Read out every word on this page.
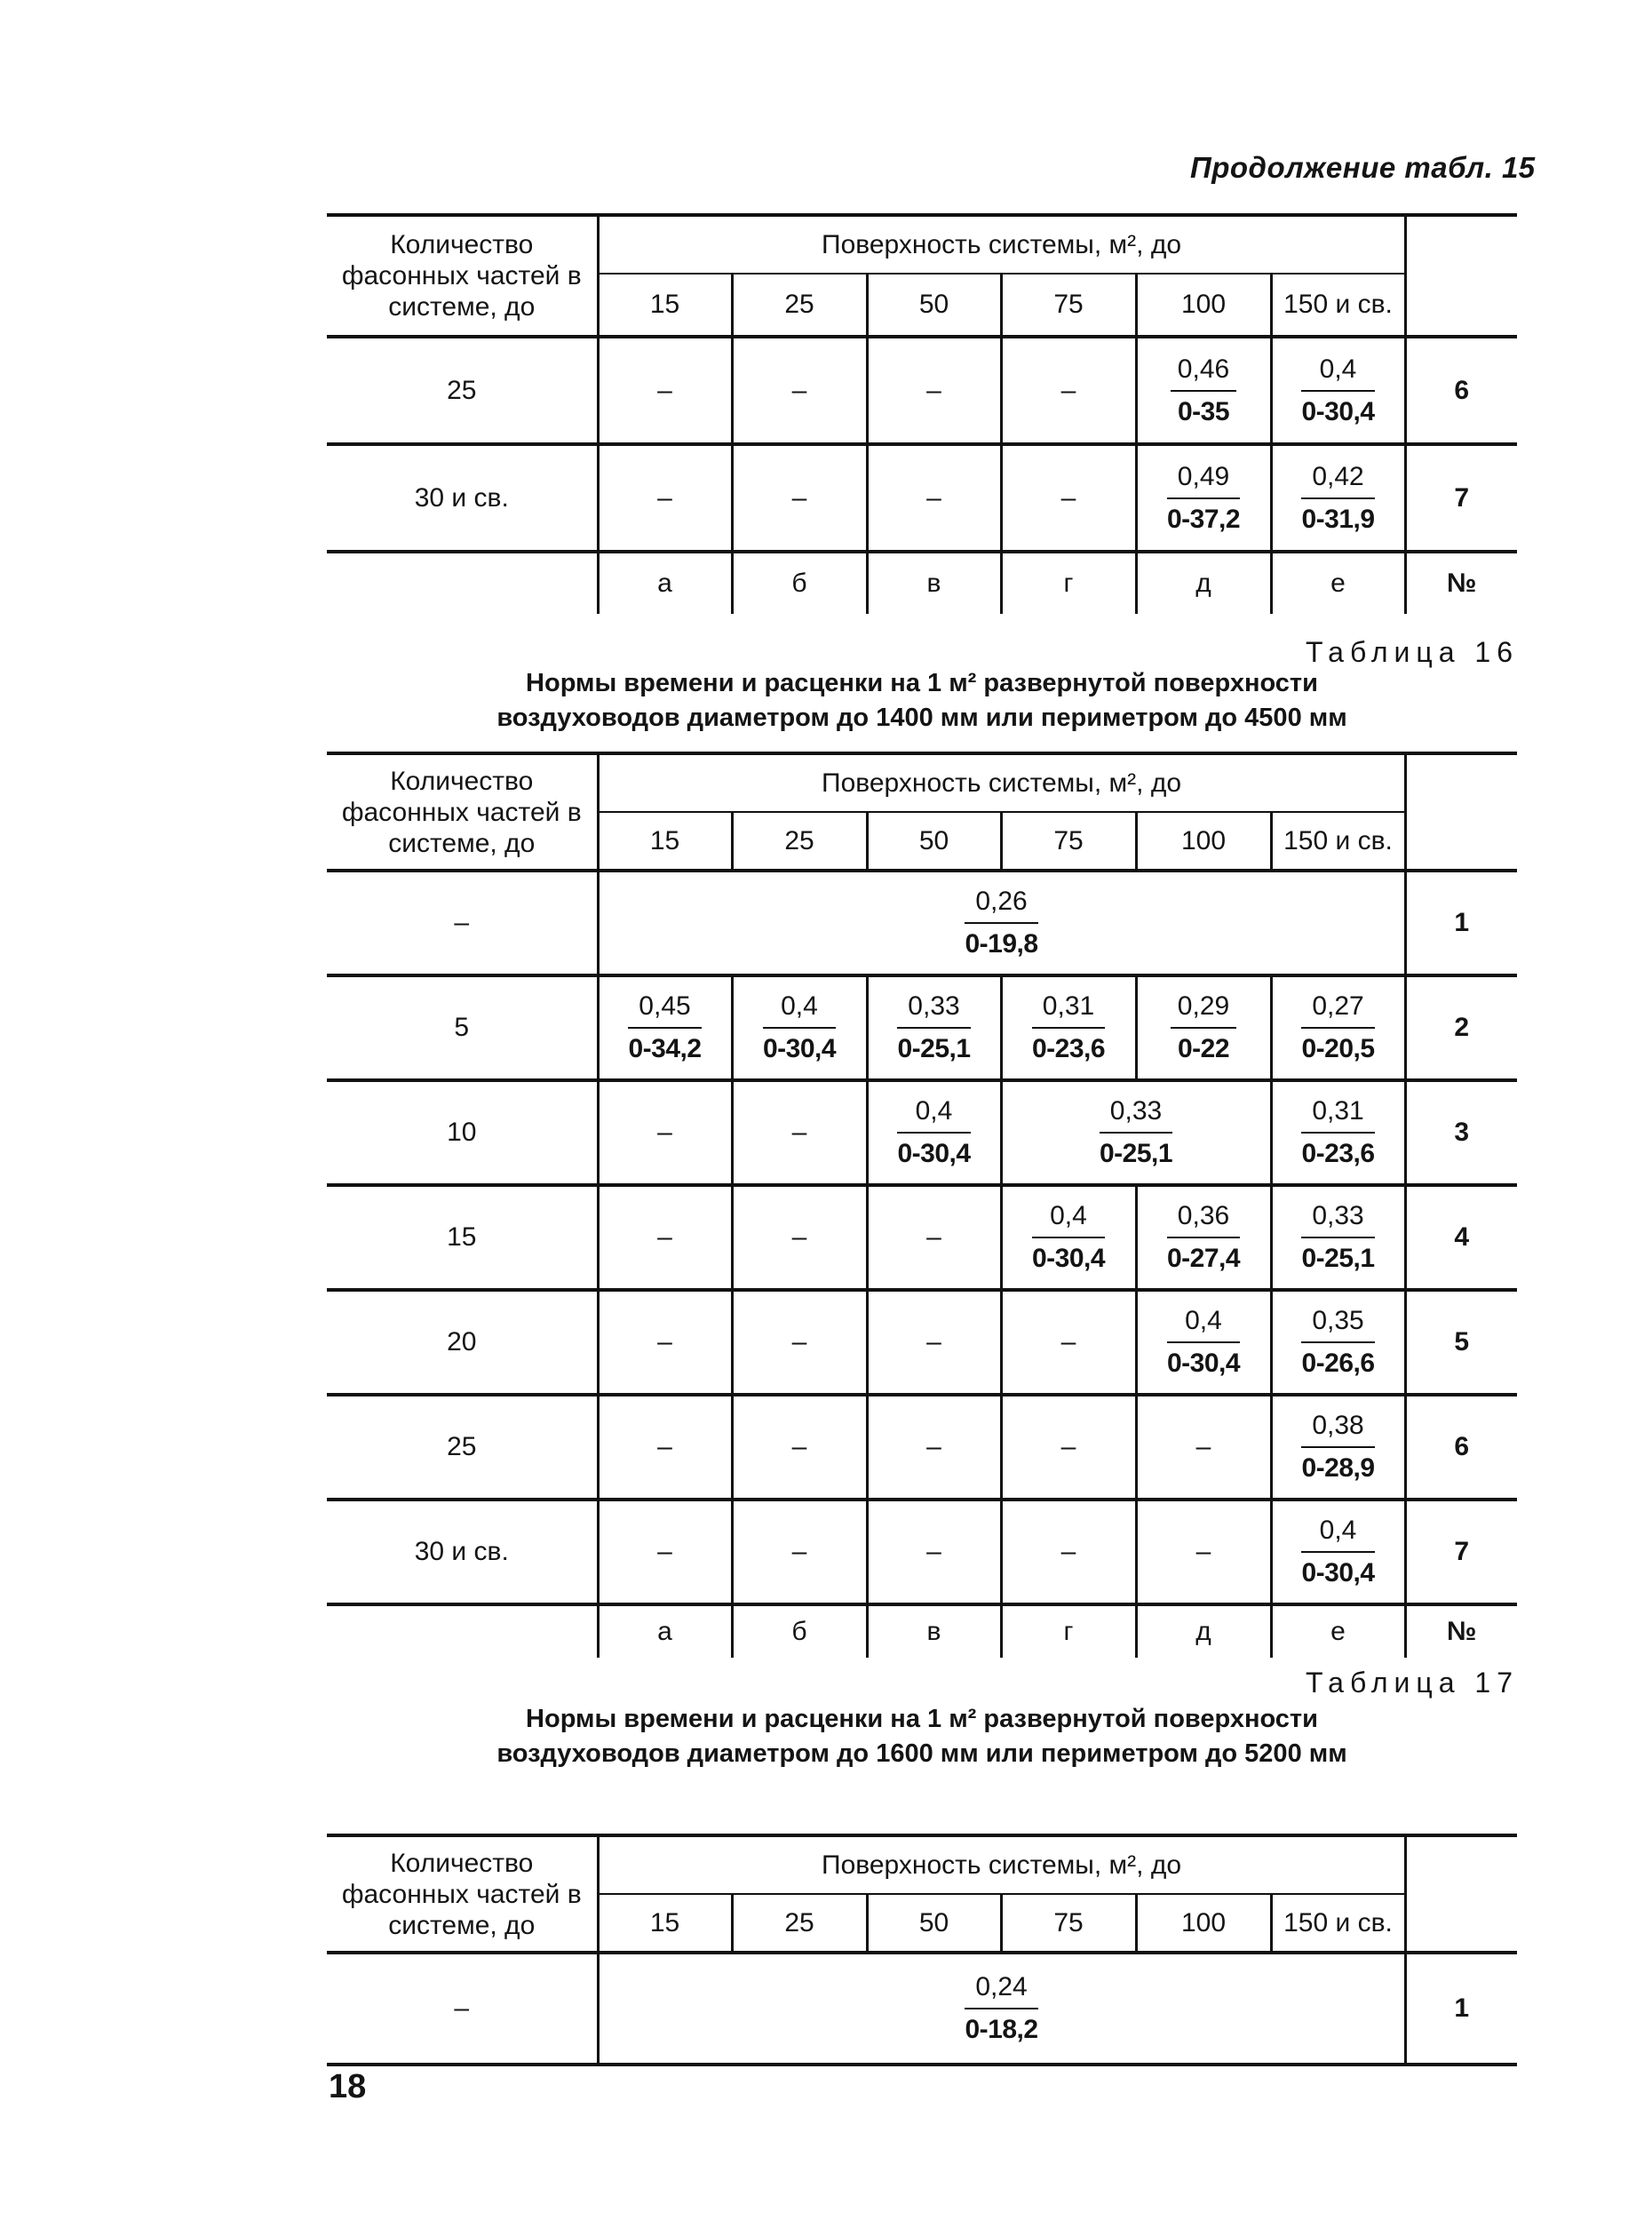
Продолжение табл. 15
Количество фасонных частей в системе, до	Поверхность системы, м², до						
	15	25	50	75	100	150 и св.	
25	–	–	–	–	$\frac{0,46}{0-35}$	$\frac{0,4}{0-30,4}$	6
30 и св.	–	–	–	–	$\frac{0,49}{0-37,2}$	$\frac{0,42}{0-31,9}$	7
	а	б	в	г	д	е	№
Таблица 16
Нормы времени и расценки на 1 м² развернутой поверхности
воздуховодов диаметром до 1400 мм или периметром до 4500 мм
Количество фасонных частей в системе, до	Поверхность системы, м², до						
	15	25	50	75	100	150 и св.	
–	$\frac{0,26}{0-19,8}$						1
5	$\frac{0,45}{0-34,2}$	$\frac{0,4}{0-30,4}$	$\frac{0,33}{0-25,1}$	$\frac{0,31}{0-23,6}$	$\frac{0,29}{0-22}$	$\frac{0,27}{0-20,5}$	2
10	–	–	$\frac{0,4}{0-30,4}$	$\frac{0,33}{0-25,1}$		$\frac{0,31}{0-23,6}$	3
15	–	–	–	$\frac{0,4}{0-30,4}$	$\frac{0,36}{0-27,4}$	$\frac{0,33}{0-25,1}$	4
20	–	–	–	–	$\frac{0,4}{0-30,4}$	$\frac{0,35}{0-26,6}$	5
25	–	–	–	–	–	$\frac{0,38}{0-28,9}$	6
30 и св.	–	–	–	–	–	$\frac{0,4}{0-30,4}$	7
	а	б	в	г	д	е	№
Таблица 17
Нормы времени и расценки на 1 м² развернутой поверхности
воздуховодов диаметром до 1600 мм или периметром до 5200 мм
Количество фасонных частей в системе, до	Поверхность системы, м², до						
	15	25	50	75	100	150 и св.	
–	$\frac{0,24}{0-18,2}$						1
18
